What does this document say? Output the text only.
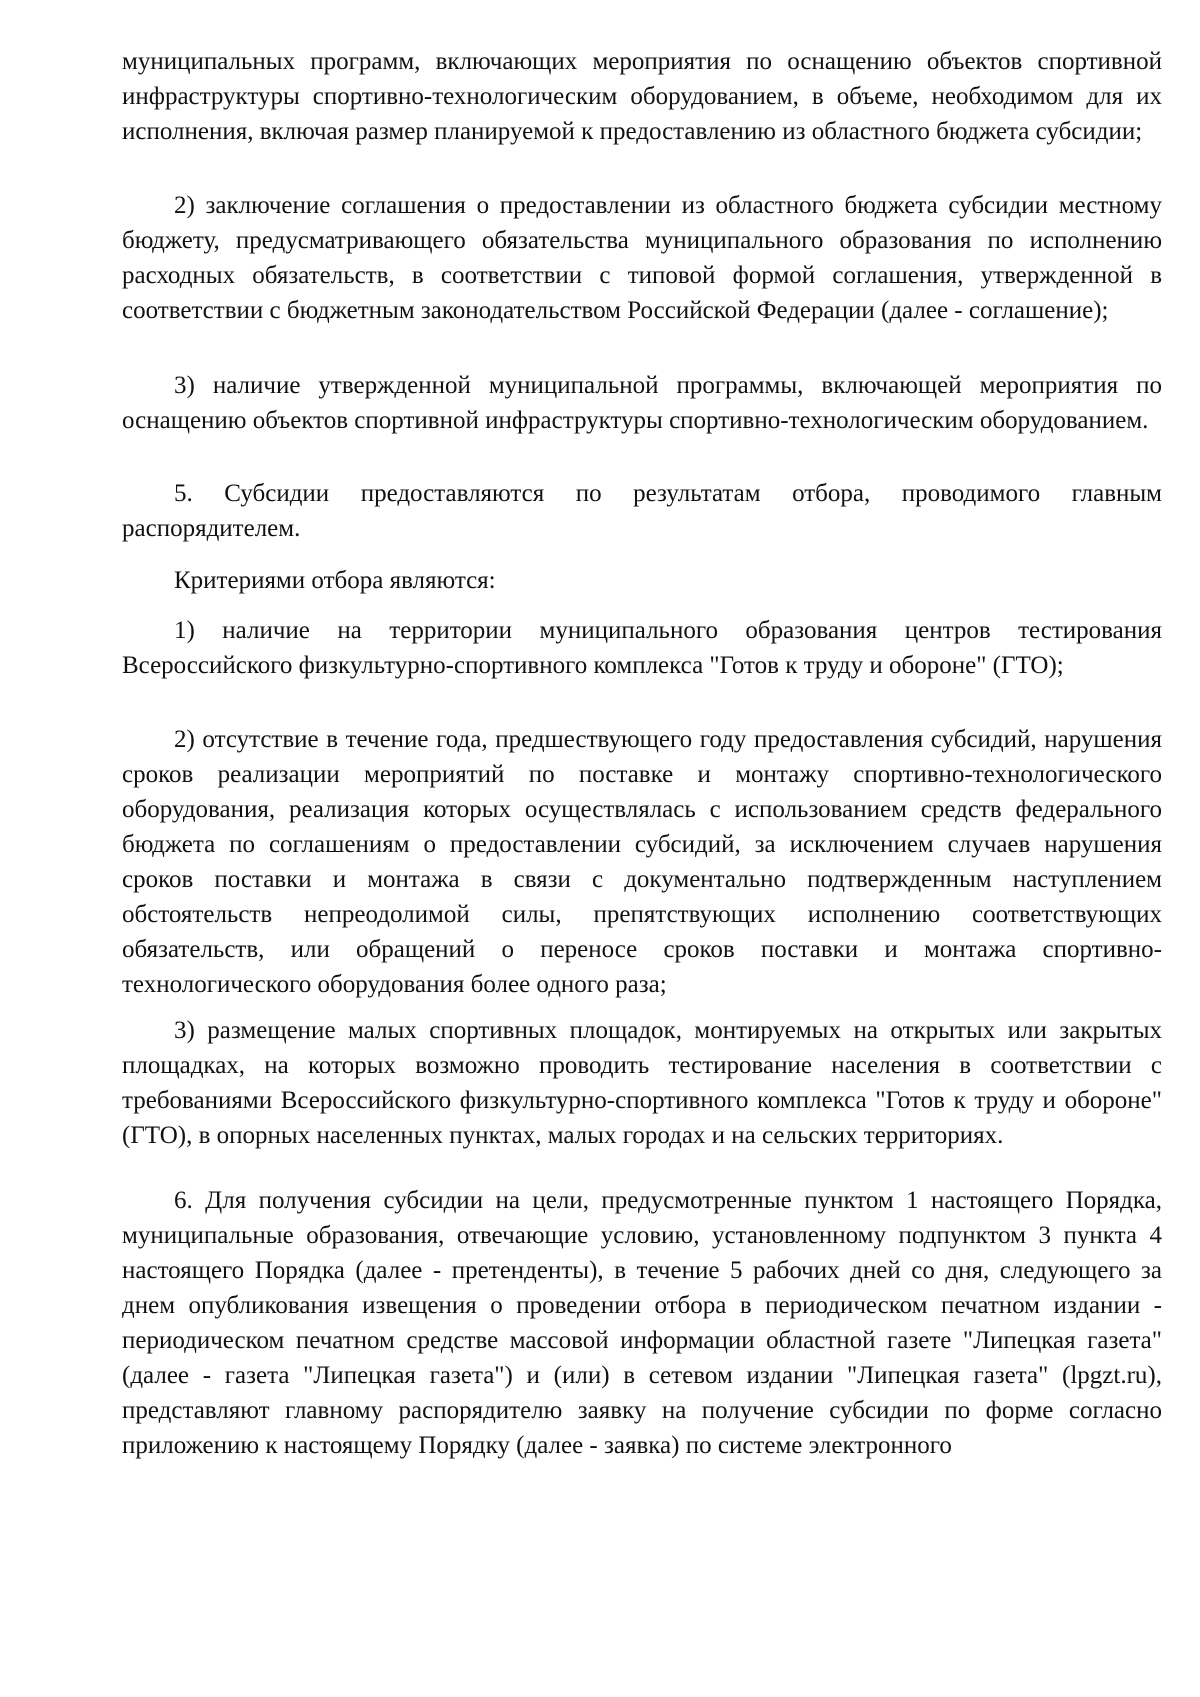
муниципальных программ, включающих мероприятия по оснащению объектов спортивной инфраструктуры спортивно-технологическим оборудованием, в объеме, необходимом для их исполнения, включая размер планируемой к предоставлению из областного бюджета субсидии;

2) заключение соглашения о предоставлении из областного бюджета субсидии местному бюджету, предусматривающего обязательства муниципального образования по исполнению расходных обязательств, в соответствии с типовой формой соглашения, утвержденной в соответствии с бюджетным законодательством Российской Федерации (далее - соглашение);

3) наличие утвержденной муниципальной программы, включающей мероприятия по оснащению объектов спортивной инфраструктуры спортивно-технологическим оборудованием.

5. Субсидии предоставляются по результатам отбора, проводимого главным распорядителем.

Критериями отбора являются:

1) наличие на территории муниципального образования центров тестирования Всероссийского физкультурно-спортивного комплекса "Готов к труду и обороне" (ГТО);

2) отсутствие в течение года, предшествующего году предоставления субсидий, нарушения сроков реализации мероприятий по поставке и монтажу спортивно-технологического оборудования, реализация которых осуществлялась с использованием средств федерального бюджета по соглашениям о предоставлении субсидий, за исключением случаев нарушения сроков поставки и монтажа в связи с документально подтвержденным наступлением обстоятельств непреодолимой силы, препятствующих исполнению соответствующих обязательств, или обращений о переносе сроков поставки и монтажа спортивно-технологического оборудования более одного раза;

3) размещение малых спортивных площадок, монтируемых на открытых или закрытых площадках, на которых возможно проводить тестирование населения в соответствии с требованиями Всероссийского физкультурно-спортивного комплекса "Готов к труду и обороне" (ГТО), в опорных населенных пунктах, малых городах и на сельских территориях.

6. Для получения субсидии на цели, предусмотренные пунктом 1 настоящего Порядка, муниципальные образования, отвечающие условию, установленному подпунктом 3 пункта 4 настоящего Порядка (далее - претенденты), в течение 5 рабочих дней со дня, следующего за днем опубликования извещения о проведении отбора в периодическом печатном издании - периодическом печатном средстве массовой информации областной газете "Липецкая газета" (далее - газета "Липецкая газета") и (или) в сетевом издании "Липецкая газета" (lpgzt.ru), представляют главному распорядителю заявку на получение субсидии по форме согласно приложению к настоящему Порядку (далее - заявка) по системе электронного
